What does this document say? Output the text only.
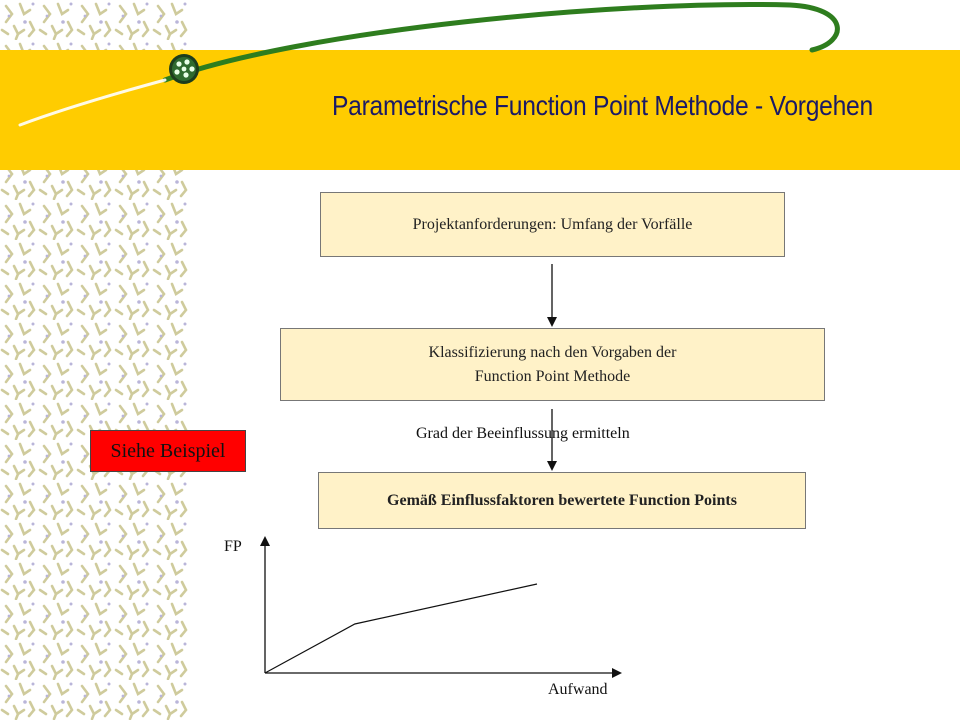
Parametrische Function Point Methode - Vorgehen
Projektanforderungen: Umfang der Vorfälle
Klassifizierung nach den Vorgaben der
Function Point Methode
Grad der Beeinflussung ermitteln
Gemäß Einflussfaktoren bewertete Function Points
Siehe Beispiel
FP
Aufwand
